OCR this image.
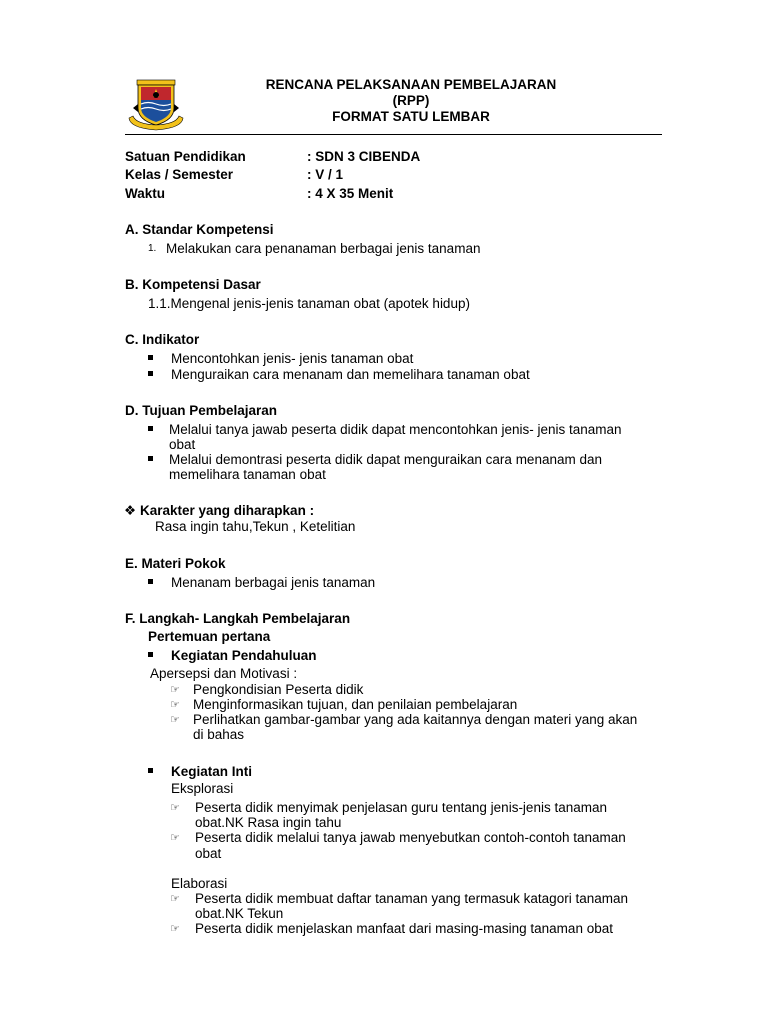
RENCANA PELAKSANAAN PEMBELAJARAN
(RPP)
FORMAT SATU LEMBAR
Satuan Pendidikan	: SDN 3 CIBENDA
Kelas / Semester	: V / 1
Waktu	: 4 X 35 Menit
A. Standar Kompetensi
1. Melakukan cara penanaman berbagai jenis tanaman
B. Kompetensi Dasar
1.1.Mengenal jenis-jenis tanaman obat (apotek hidup)
C. Indikator
Mencontohkan jenis- jenis tanaman obat
Menguraikan cara menanam dan memelihara tanaman obat
D. Tujuan Pembelajaran
Melalui tanya jawab peserta didik dapat mencontohkan jenis- jenis tanaman
obat
Melalui demontrasi peserta didik dapat menguraikan cara menanam dan
memelihara tanaman obat
❖ Karakter yang diharapkan :
Rasa ingin tahu,Tekun , Ketelitian
E. Materi Pokok
Menanam berbagai jenis tanaman
F. Langkah- Langkah Pembelajaran
Pertemuan pertana
Kegiatan Pendahuluan
Apersepsi dan Motivasi :
☞ Pengkondisian Peserta didik
☞ Menginformasikan tujuan, dan penilaian pembelajaran
☞ Perlihatkan gambar-gambar yang ada kaitannya dengan materi yang akan
di bahas
Kegiatan Inti
Eksplorasi
☞ Peserta didik menyimak penjelasan guru tentang jenis-jenis tanaman
obat.NK Rasa ingin tahu
☞ Peserta didik melalui tanya jawab menyebutkan contoh-contoh tanaman
obat
Elaborasi
☞ Peserta didik membuat daftar tanaman yang termasuk katagori tanaman
obat.NK Tekun
☞ Peserta didik menjelaskan manfaat dari masing-masing tanaman obat
